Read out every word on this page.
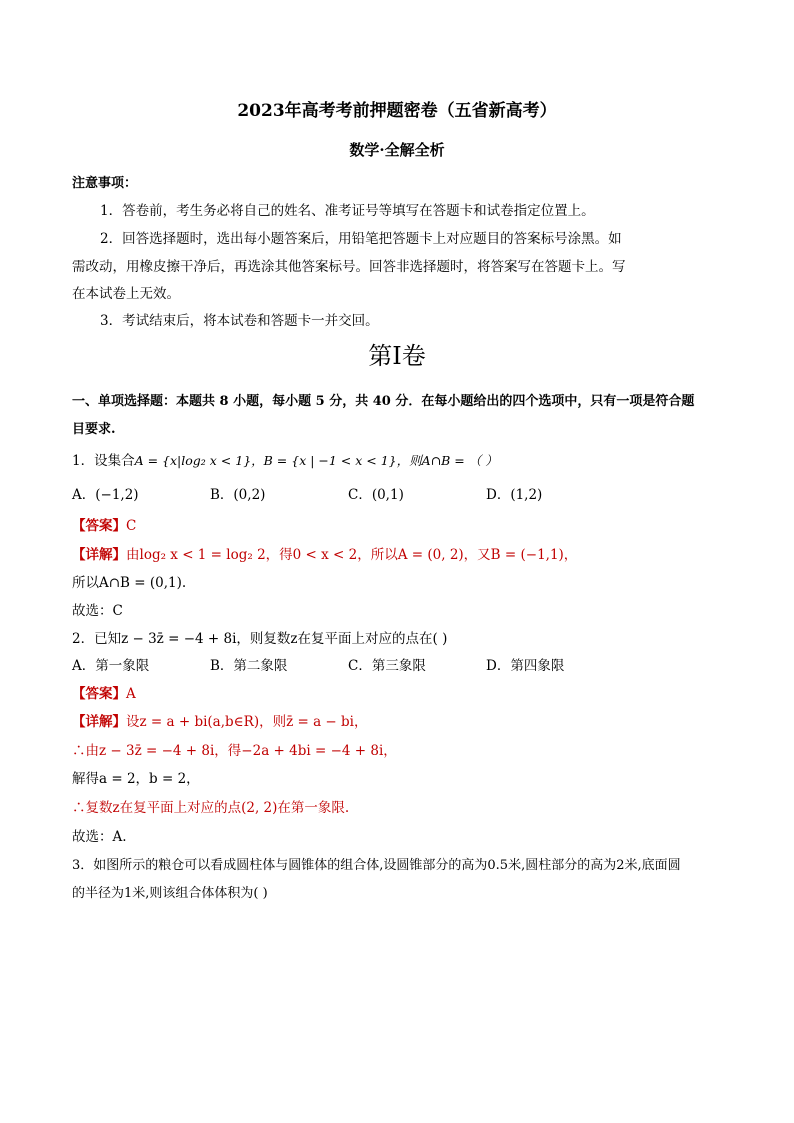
2023年高考考前押题密卷（五省新高考）
数学·全解全析
注意事项：
1．答卷前，考生务必将自己的姓名、准考证号等填写在答题卡和试卷指定位置上。
2．回答选择题时，选出每小题答案后，用铅笔把答题卡上对应题目的答案标号涂黑。如
需改动，用橡皮擦干净后，再选涂其他答案标号。回答非选择题时，将答案写在答题卡上。写
在本试卷上无效。
3．考试结束后，将本试卷和答题卡一并交回。
第Ⅰ卷
一、单项选择题：本题共 8 小题，每小题 5 分，共 40 分．在每小题给出的四个选项中，只有一项是符合题
目要求.
1．设集合A = {x|log₂ x < 1}，B = {x | −1 < x < 1}，则A∩B = （ ）
A．(−1,2)	B．(0,2)	C．(0,1)	D．(1,2)
【答案】C
【详解】由log₂ x < 1 = log₂ 2，得0 < x < 2，所以A = (0, 2)，又B = (−1,1)，
所以A∩B = (0,1).
故选：C
2．已知z − 3z̄ = −4 + 8i，则复数z在复平面上对应的点在( )
A．第一象限	B．第二象限	C．第三象限	D．第四象限
【答案】A
【详解】设z = a + bi(a,b∈R)，则z̄ = a − bi，
∴由z − 3z̄ = −4 + 8i，得−2a + 4bi = −4 + 8i，
解得a = 2，b = 2，
∴复数z在复平面上对应的点(2, 2)在第一象限.
故选：A.
3．如图所示的粮仓可以看成圆柱体与圆锥体的组合体,设圆锥部分的高为0.5米,圆柱部分的高为2米,底面圆
的半径为1米,则该组合体体积为( )
